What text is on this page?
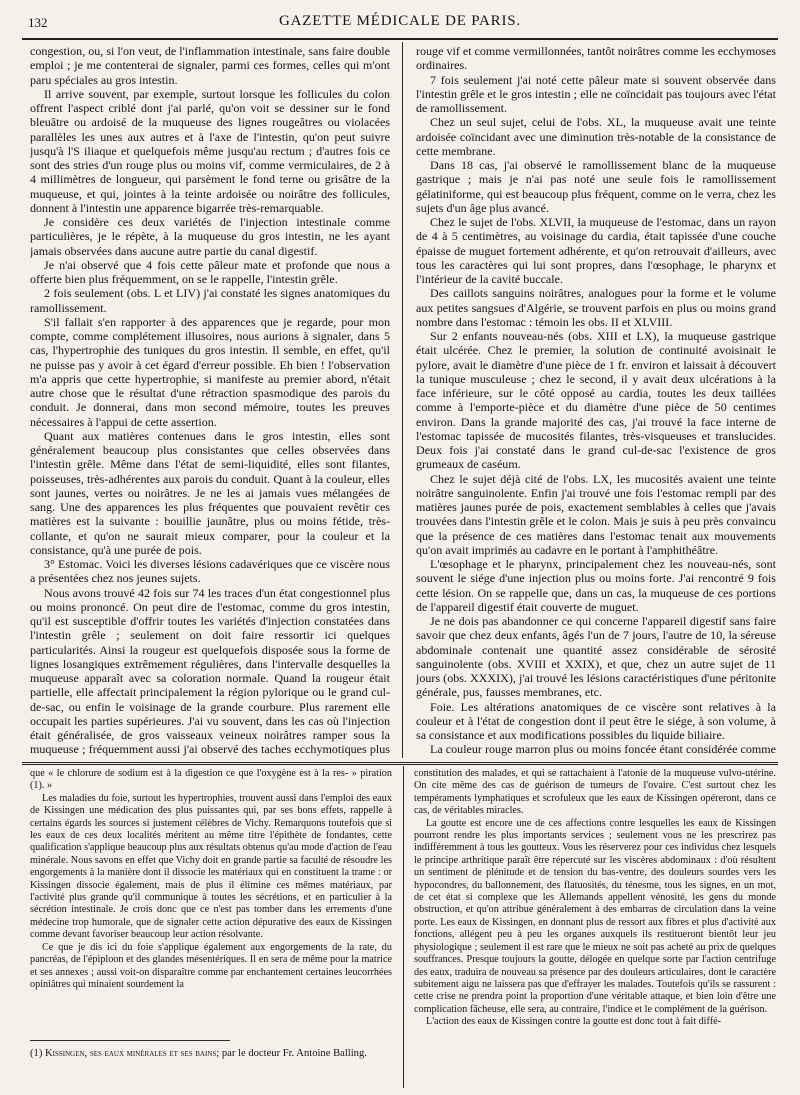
132	GAZETTE MÉDICALE DE PARIS.

congestion, ou, si l'on veut, de l'inflammation intestinale, sans faire double emploi ; je me contenterai de signaler, parmi ces formes, celles qui m'ont paru spéciales au gros intestin.

Il arrive souvent, par exemple, surtout lorsque les follicules du colon offrent l'aspect criblé dont j'ai parlé, qu'on voit se dessiner sur le fond bleuâtre ou ardoisé de la muqueuse des lignes rougeâtres ou violacées parallèles les unes aux autres et à l'axe de l'intestin, qu'on peut suivre jusqu'à l'S iliaque et quelquefois même jusqu'au rectum ; d'autres fois ce sont des stries d'un rouge plus ou moins vif, comme vermiculaires, de 2 à 4 millimètres de longueur, qui parsèment le fond terne ou grisâtre de la muqueuse, et qui, jointes à la teinte ardoisée ou noirâtre des follicules, donnent à l'intestin une apparence bigarrée très-remarquable.

Je considère ces deux variétés de l'injection intestinale comme particulières, je le répète, à la muqueuse du gros intestin, ne les ayant jamais observées dans aucune autre partie du canal digestif.

Je n'ai observé que 4 fois cette pâleur mate et profonde que nous a offerte bien plus fréquemment, on se le rappelle, l'intestin grêle.

2 fois seulement (obs. L et LIV) j'ai constaté les signes anatomiques du ramollissement.

S'il fallait s'en rapporter à des apparences que je regarde, pour mon compte, comme complétement illusoires, nous aurions à signaler, dans 5 cas, l'hypertrophie des tuniques du gros intestin. Il semble, en effet, qu'il ne puisse pas y avoir à cet égard d'erreur possible. Eh bien ! l'observation m'a appris que cette hypertrophie, si manifeste au premier abord, n'était autre chose que le résultat d'une rétraction spasmodique des parois du conduit. Je donnerai, dans mon second mémoire, toutes les preuves nécessaires à l'appui de cette assertion.

Quant aux matières contenues dans le gros intestin, elles sont généralement beaucoup plus consistantes que celles observées dans l'intestin grêle. Même dans l'état de semi-liquidité, elles sont filantes, poisseuses, très-adhérentes aux parois du conduit. Quant à la couleur, elles sont jaunes, vertes ou noirâtres. Je ne les ai jamais vues mélangées de sang. Une des apparences les plus fréquentes que pouvaient revêtir ces matières est la suivante : bouillie jaunâtre, plus ou moins fétide, très-collante, et qu'on ne saurait mieux comparer, pour la couleur et la consistance, qu'à une purée de pois.

3° Estomac. Voici les diverses lésions cadavériques que ce viscère nous a présentées chez nos jeunes sujets.

Nous avons trouvé 42 fois sur 74 les traces d'un état congestionnel plus ou moins prononcé. On peut dire de l'estomac, comme du gros intestin, qu'il est susceptible d'offrir toutes les variétés d'injection constatées dans l'intestin grêle ; seulement on doit faire ressortir ici quelques particularités. Ainsi la rougeur est quelquefois disposée sous la forme de lignes losangiques extrêmement régulières, dans l'intervalle desquelles la muqueuse apparaît avec sa coloration normale. Quand la rougeur était partielle, elle affectait principalement la région pylorique ou le grand cul-de-sac, ou enfin le voisinage de la grande courbure. Plus rarement elle occupait les parties supérieures. J'ai vu souvent, dans les cas où l'injection était généralisée, de gros vaisseaux veineux noirâtres ramper sous la muqueuse ; fréquemment aussi j'ai observé des taches ecchymotiques plus

rouge vif et comme vermillonnées, tantôt noirâtres comme les ecchymoses ordinaires.

7 fois seulement j'ai noté cette pâleur mate si souvent observée dans l'intestin grêle et le gros intestin ; elle ne coïncidait pas toujours avec l'état de ramollissement.

Chez un seul sujet, celui de l'obs. XL, la muqueuse avait une teinte ardoisée coïncidant avec une diminution très-notable de la consistance de cette membrane.

Dans 18 cas, j'ai observé le ramollissement blanc de la muqueuse gastrique ; mais je n'ai pas noté une seule fois le ramollissement gélatiniforme, qui est beaucoup plus fréquent, comme on le verra, chez les sujets d'un âge plus avancé.

Chez le sujet de l'obs. XLVII, la muqueuse de l'estomac, dans un rayon de 4 à 5 centimètres, au voisinage du cardia, était tapissée d'une couche épaisse de muguet fortement adhérente, et qu'on retrouvait d'ailleurs, avec tous les caractères qui lui sont propres, dans l'œsophage, le pharynx et l'intérieur de la cavité buccale.

Des caillots sanguins noirâtres, analogues pour la forme et le volume aux petites sangsues d'Algérie, se trouvent parfois en plus ou moins grand nombre dans l'estomac : témoin les obs. II et XLVIII.

Sur 2 enfants nouveau-nés (obs. XIII et LX), la muqueuse gastrique était ulcérée. Chez le premier, la solution de continuité avoisinait le pylore, avait le diamètre d'une pièce de 1 fr. environ et laissait à découvert la tunique musculeuse ; chez le second, il y avait deux ulcérations à la face inférieure, sur le côté opposé au cardia, toutes les deux taillées comme à l'emporte-pièce et du diamètre d'une pièce de 50 centimes environ. Dans la grande majorité des cas, j'ai trouvé la face interne de l'estomac tapissée de mucosités filantes, très-visqueuses et translucides. Deux fois j'ai constaté dans le grand cul-de-sac l'existence de gros grumeaux de caséum.

Chez le sujet déjà cité de l'obs. LX, les mucosités avaient une teinte noirâtre sanguinolente. Enfin j'ai trouvé une fois l'estomac rempli par des matières jaunes purée de pois, exactement semblables à celles que j'avais trouvées dans l'intestin grêle et le colon. Mais je suis à peu près convaincu que la présence de ces matières dans l'estomac tenait aux mouvements qu'on avait imprimés au cadavre en le portant à l'amphithéâtre.

L'œsophage et le pharynx, principalement chez les nouveau-nés, sont souvent le siége d'une injection plus ou moins forte. J'ai rencontré 9 fois cette lésion. On se rappelle que, dans un cas, la muqueuse de ces portions de l'appareil digestif était couverte de muguet.

Je ne dois pas abandonner ce qui concerne l'appareil digestif sans faire savoir que chez deux enfants, âgés l'un de 7 jours, l'autre de 10, la séreuse abdominale contenait une quantité assez considérable de sérosité sanguinolente (obs. XVIII et XXIX), et que, chez un autre sujet de 11 jours (obs. XXXIX), j'ai trouvé les lésions caractéristiques d'une péritonite générale, pus, fausses membranes, etc.

Foie. Les altérations anatomiques de ce viscère sont relatives à la couleur et à l'état de congestion dont il peut être le siége, à son volume, à sa consistance et aux modifications possibles du liquide biliaire.

La couleur rouge marron plus ou moins foncée étant considérée comme

que « le chlorure de sodium est à la digestion ce que l'oxygène est à la res- » piration (1). »

Les maladies du foie, surtout les hypertrophies, trouvent aussi dans l'emploi des eaux de Kissingen une médication des plus puissantes qui, par ses bons effets, rappelle à certains égards les sources si justement célèbres de Vichy. Remarquons toutefois que si les eaux de ces deux localités méritent au même titre l'épithète de fondantes, cette qualification s'applique beaucoup plus aux résultats obtenus qu'au mode d'action de l'eau minérale. Nous savons en effet que Vichy doit en grande partie sa faculté de résoudre les engorgements à la manière dont il dissocie les matériaux qui en constituent la trame : or Kissingen dissocie également, mais de plus il élimine ces mêmes matériaux, par l'activité plus grande qu'il communique à toutes les sécrétions, et en particulier à la sécrétion intestinale. Je crois donc que ce n'est pas tomber dans les errements d'une médecine trop humorale, que de signaler cette action dépurative des eaux de Kissingen comme devant favoriser beaucoup leur action résolvante.

Ce que je dis ici du foie s'applique également aux engorgements de la rate, du pancréas, de l'épiploon et des glandes mésentériques. Il en sera de même pour la matrice et ses annexes ; aussi voit-on disparaître comme par enchantement certaines leucorrhées opiniâtres qui minaient sourdement la

constitution des malades, et qui se rattachaient à l'atonie de la muqueuse vulvo-utérine. On cite même des cas de guérison de tumeurs de l'ovaire. C'est surtout chez les tempéraments lymphatiques et scrofuleux que les eaux de Kissingen opéreront, dans ce cas, de véritables miracles.

La goutte est encore une de ces affections contre lesquelles les eaux de Kissingen pourront rendre les plus importants services ; seulement vous ne les prescrirez pas indifféremment à tous les goutteux. Vous les réserverez pour ces individus chez lesquels le principe arthritique paraît être répercuté sur les viscères abdominaux : d'où résultent un sentiment de plénitude et de tension du bas-ventre, des douleurs sourdes vers les hypocondres, du ballonnement, des flatuosités, du ténesme, tous les signes, en un mot, de cet état si complexe que les Allemands appellent vénosité, les gens du monde obstruction, et qu'on attribue généralement à des embarras de circulation dans la veine porte. Les eaux de Kissingen, en donnant plus de ressort aux fibres et plus d'activité aux fonctions, allégent peu à peu les organes auxquels ils restitueront bientôt leur jeu physiologique ; seulement il est rare que le mieux ne soit pas acheté au prix de quelques souffrances. Presque toujours la goutte, délogée en quelque sorte par l'action centrifuge des eaux, traduira de nouveau sa présence par des douleurs articulaires, dont le caractère subitement aigu ne laissera pas que d'effrayer les malades. Toutefois qu'ils se rassurent : cette crise ne prendra point la proportion d'une véritable attaque, et bien loin d'être une complication fâcheuse, elle sera, au contraire, l'indice et le complément de la guérison.

L'action des eaux de Kissingen contre la goutte est donc tout à fait diffé-

(1) Kissingen, ses eaux minérales et ses bains; par le docteur Fr. Antoine Balling.
